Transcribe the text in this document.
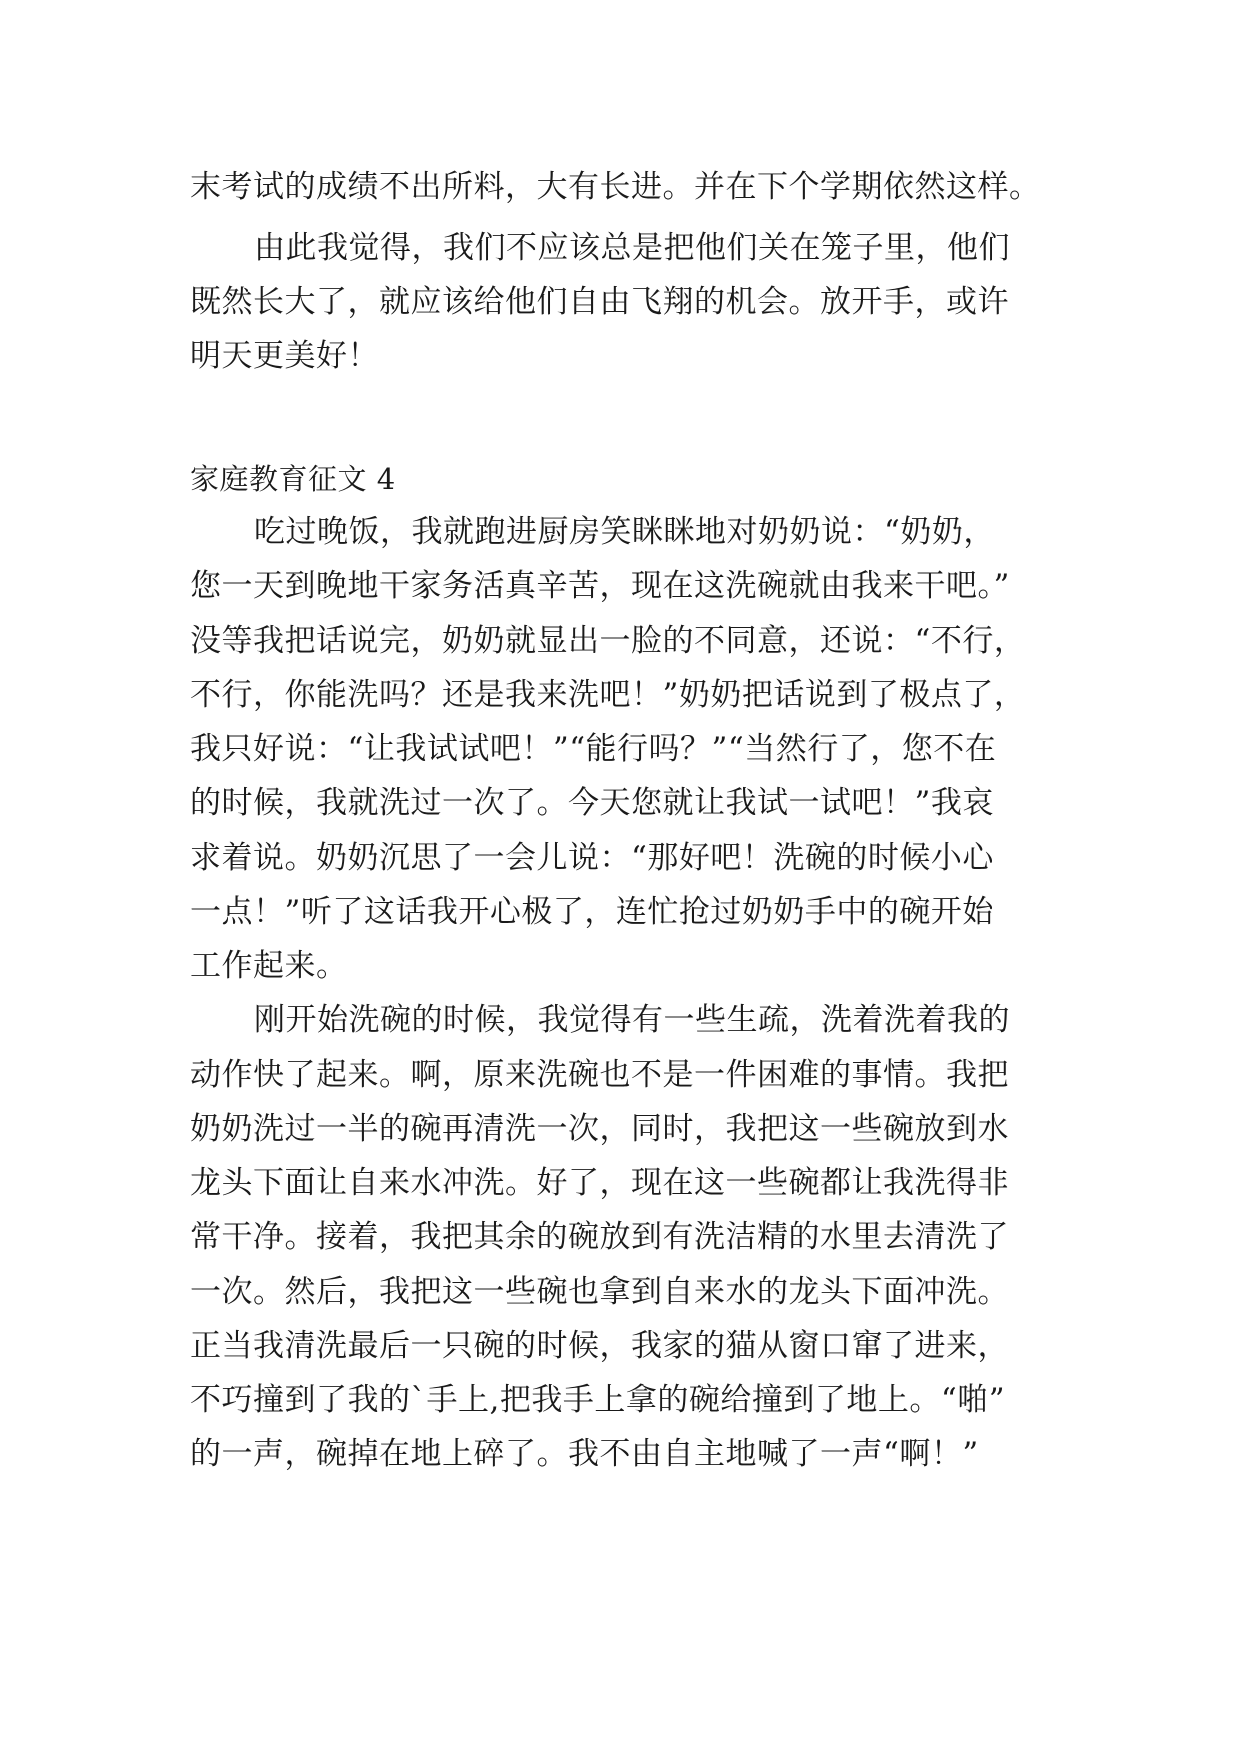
末考试的成绩不出所料，大有长进。并在下个学期依然这样。
由此我觉得，我们不应该总是把他们关在笼子里，他们
既然长大了，就应该给他们自由飞翔的机会。放开手，或许
明天更美好！
家庭教育征文 4
吃过晚饭，我就跑进厨房笑眯眯地对奶奶说：“奶奶，
您一天到晚地干家务活真辛苦，现在这洗碗就由我来干吧。”
没等我把话说完，奶奶就显出一脸的不同意，还说：“不行，
不行，你能洗吗？还是我来洗吧！”奶奶把话说到了极点了，
我只好说：“让我试试吧！”“能行吗？”“当然行了，您不在
的时候，我就洗过一次了。今天您就让我试一试吧！”我哀
求着说。奶奶沉思了一会儿说：“那好吧！洗碗的时候小心
一点！”听了这话我开心极了，连忙抢过奶奶手中的碗开始
工作起来。
刚开始洗碗的时候，我觉得有一些生疏，洗着洗着我的
动作快了起来。啊，原来洗碗也不是一件困难的事情。我把
奶奶洗过一半的碗再清洗一次，同时，我把这一些碗放到水
龙头下面让自来水冲洗。好了，现在这一些碗都让我洗得非
常干净。接着，我把其余的碗放到有洗洁精的水里去清洗了
一次。然后，我把这一些碗也拿到自来水的龙头下面冲洗。
正当我清洗最后一只碗的时候，我家的猫从窗口窜了进来，
不巧撞到了我的`手上,把我手上拿的碗给撞到了地上。“啪”
的一声，碗掉在地上碎了。我不由自主地喊了一声“啊！”
